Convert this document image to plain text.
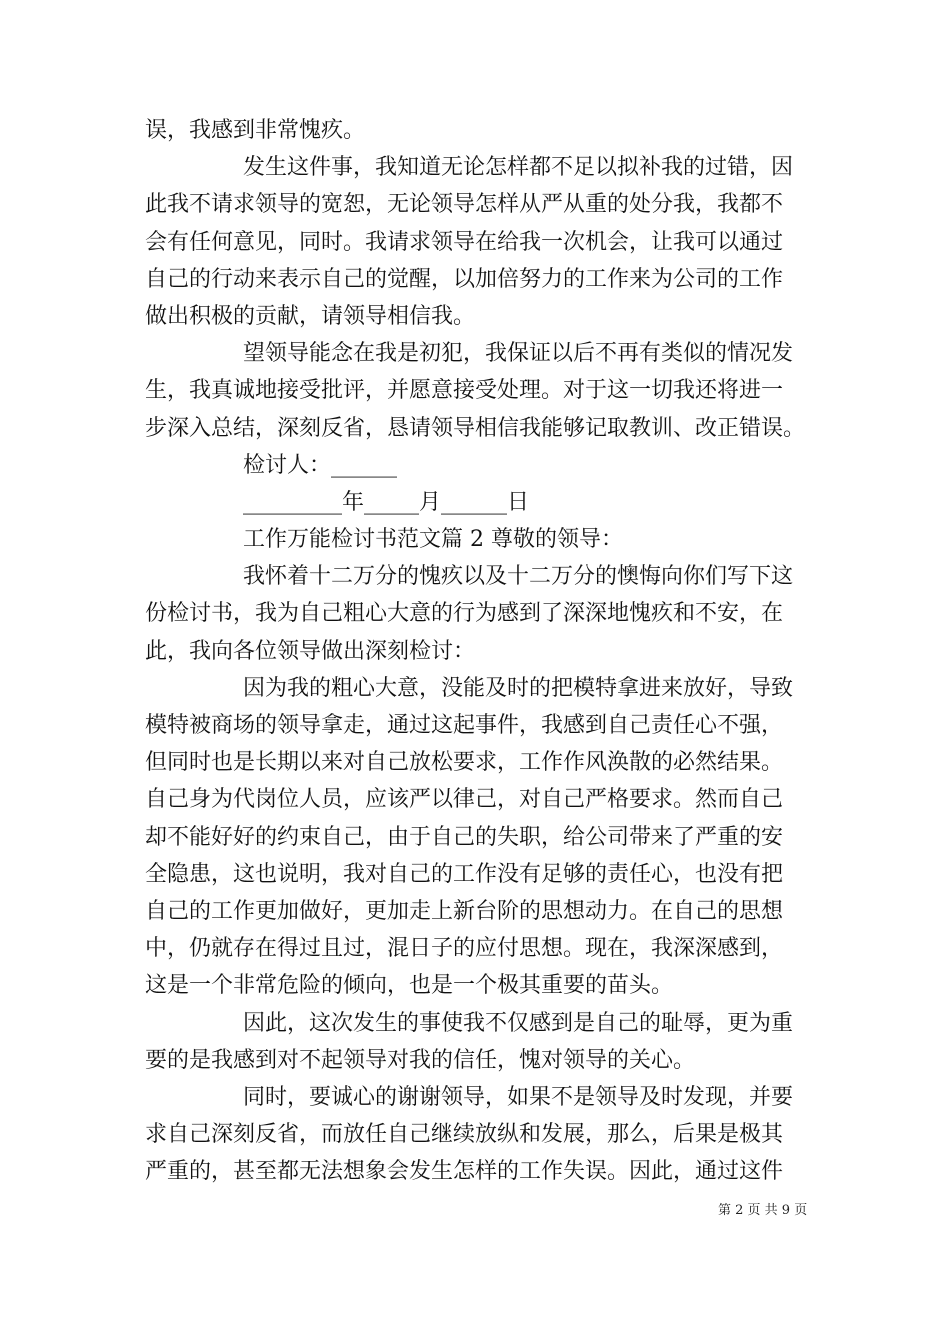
误，我感到非常愧疚。
发生这件事，我知道无论怎样都不足以拟补我的过错，因
此我不请求领导的宽恕，无论领导怎样从严从重的处分我，我都不
会有任何意见，同时。我请求领导在给我一次机会，让我可以通过
自己的行动来表示自己的觉醒，以加倍努力的工作来为公司的工作
做出积极的贡献，请领导相信我。
望领导能念在我是初犯，我保证以后不再有类似的情况发
生，我真诚地接受批评，并愿意接受处理。对于这一切我还将进一
步深入总结，深刻反省，恳请领导相信我能够记取教训、改正错误。
检讨人：______
_________年_____月______日
工作万能检讨书范文篇 2 尊敬的领导：
我怀着十二万分的愧疚以及十二万分的懊悔向你们写下这
份检讨书，我为自己粗心大意的行为感到了深深地愧疚和不安，在
此，我向各位领导做出深刻检讨：
因为我的粗心大意，没能及时的把模特拿进来放好，导致
模特被商场的领导拿走，通过这起事件，我感到自己责任心不强，
但同时也是长期以来对自己放松要求，工作作风涣散的必然结果。
自己身为代岗位人员，应该严以律己，对自己严格要求。然而自己
却不能好好的约束自己，由于自己的失职，给公司带来了严重的安
全隐患，这也说明，我对自己的工作没有足够的责任心，也没有把
自己的工作更加做好，更加走上新台阶的思想动力。在自己的思想
中，仍就存在得过且过，混日子的应付思想。现在，我深深感到，
这是一个非常危险的倾向，也是一个极其重要的苗头。
因此，这次发生的事使我不仅感到是自己的耻辱，更为重
要的是我感到对不起领导对我的信任，愧对领导的关心。
同时，要诚心的谢谢领导，如果不是领导及时发现，并要
求自己深刻反省，而放任自己继续放纵和发展，那么，后果是极其
严重的，甚至都无法想象会发生怎样的工作失误。因此，通过这件
第 2 页 共 9 页
